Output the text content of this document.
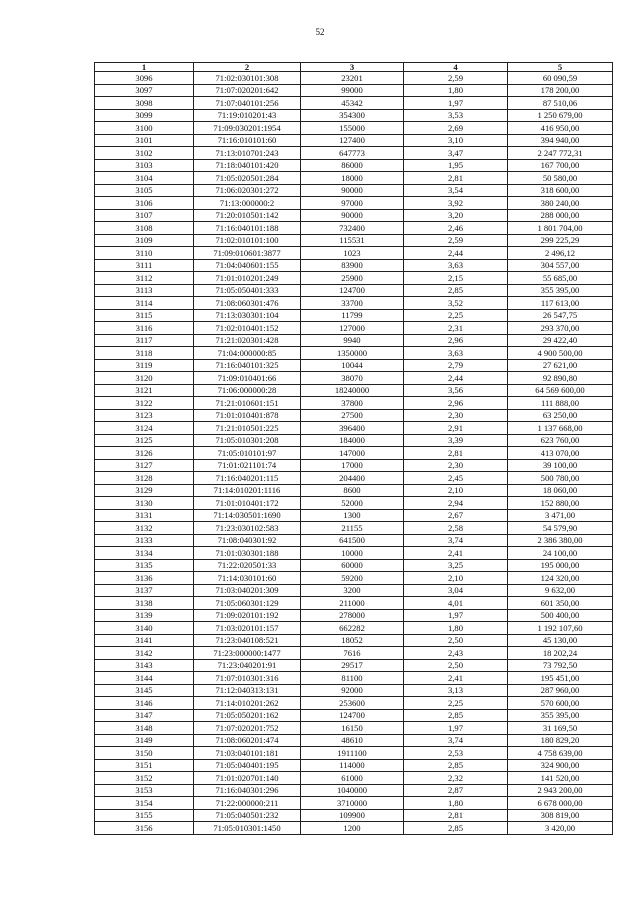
52
1	2	3	4	5
3096	71:02:030101:308	23201	2,59	60 090,59
3097	71:07:020201:642	99000	1,80	178 200,00
3098	71:07:040101:256	45342	1,97	87 510,06
3099	71:19:010201:43	354300	3,53	1 250 679,00
3100	71:09:030201:1954	155000	2,69	416 950,00
3101	71:16:010101:60	127400	3,10	394 940,00
3102	71:13:010701:243	647773	3,47	2 247 772,31
3103	71:18:040101:420	86000	1,95	167 700,00
3104	71:05:020501:284	18000	2,81	50 580,00
3105	71:06:020301:272	90000	3,54	318 600,00
3106	71:13:000000:2	97000	3,92	380 240,00
3107	71:20:010501:142	90000	3,20	288 000,00
3108	71:16:040101:188	732400	2,46	1 801 704,00
3109	71:02:010101:100	115531	2,59	299 225,29
3110	71:09:010601:3877	1023	2,44	2 496,12
3111	71:04:040601:155	83900	3,63	304 557,00
3112	71:01:010201:249	25900	2,15	55 685,00
3113	71:05:050401:333	124700	2,85	355 395,00
3114	71:08:060301:476	33700	3,52	117 613,00
3115	71:13:030301:104	11799	2,25	26 547,75
3116	71:02:010401:152	127000	2,31	293 370,00
3117	71:21:020301:428	9940	2,96	29 422,40
3118	71:04:000000:85	1350000	3,63	4 900 500,00
3119	71:16:040101:325	10044	2,79	27 621,00
3120	71:09:010401:66	38070	2,44	92 890,80
3121	71:06:000000:28	18240000	3,56	64 569 600,00
3122	71:21:010601:151	37800	2,96	111 888,00
3123	71:01:010401:878	27500	2,30	63 250,00
3124	71:21:010501:225	396400	2,91	1 137 668,00
3125	71:05:010301:208	184000	3,39	623 760,00
3126	71:05:010101:97	147000	2,81	413 070,00
3127	71:01:021101:74	17000	2,30	39 100,00
3128	71:16:040201:115	204400	2,45	500 780,00
3129	71:14:010201:1116	8600	2,10	18 060,00
3130	71:01:010401:172	52000	2,94	152 880,00
3131	71:14:030501:1690	1300	2,67	3 471,00
3132	71:23:030102:583	21155	2,58	54 579,90
3133	71:08:040301:92	641500	3,74	2 386 380,00
3134	71:01:030301:188	10000	2,41	24 100,00
3135	71:22:020501:33	60000	3,25	195 000,00
3136	71:14:030101:60	59200	2,10	124 320,00
3137	71:03:040201:309	3200	3,04	9 632,00
3138	71:05:060301:129	211000	4,01	601 350,00
3139	71:09:020101:192	278000	1,97	500 400,00
3140	71:03:020101:157	662282	1,80	1 192 107,60
3141	71:23:040108:521	18052	2,50	45 130,00
3142	71:23:000000:1477	7616	2,43	18 202,24
3143	71:23:040201:91	29517	2,50	73 792,50
3144	71:07:010301:316	81100	2,41	195 451,00
3145	71:12:040313:131	92000	3,13	287 960,00
3146	71:14:010201:262	253600	2,25	570 600,00
3147	71:05:050201:162	124700	2,85	355 395,00
3148	71:07:020201:752	16150	1,97	31 169,50
3149	71:08:060201:474	48610	3,74	180 829,20
3150	71:03:040101:181	1911100	2,53	4 758 639,00
3151	71:05:040401:195	114000	2,85	324 900,00
3152	71:01:020701:140	61000	2,32	141 520,00
3153	71:16:040301:296	1040000	2,87	2 943 200,00
3154	71:22:000000:211	3710000	1,80	6 678 000,00
3155	71:05:040501:232	109900	2,81	308 819,00
3156	71:05:010301:1450	1200	2,85	3 420,00
